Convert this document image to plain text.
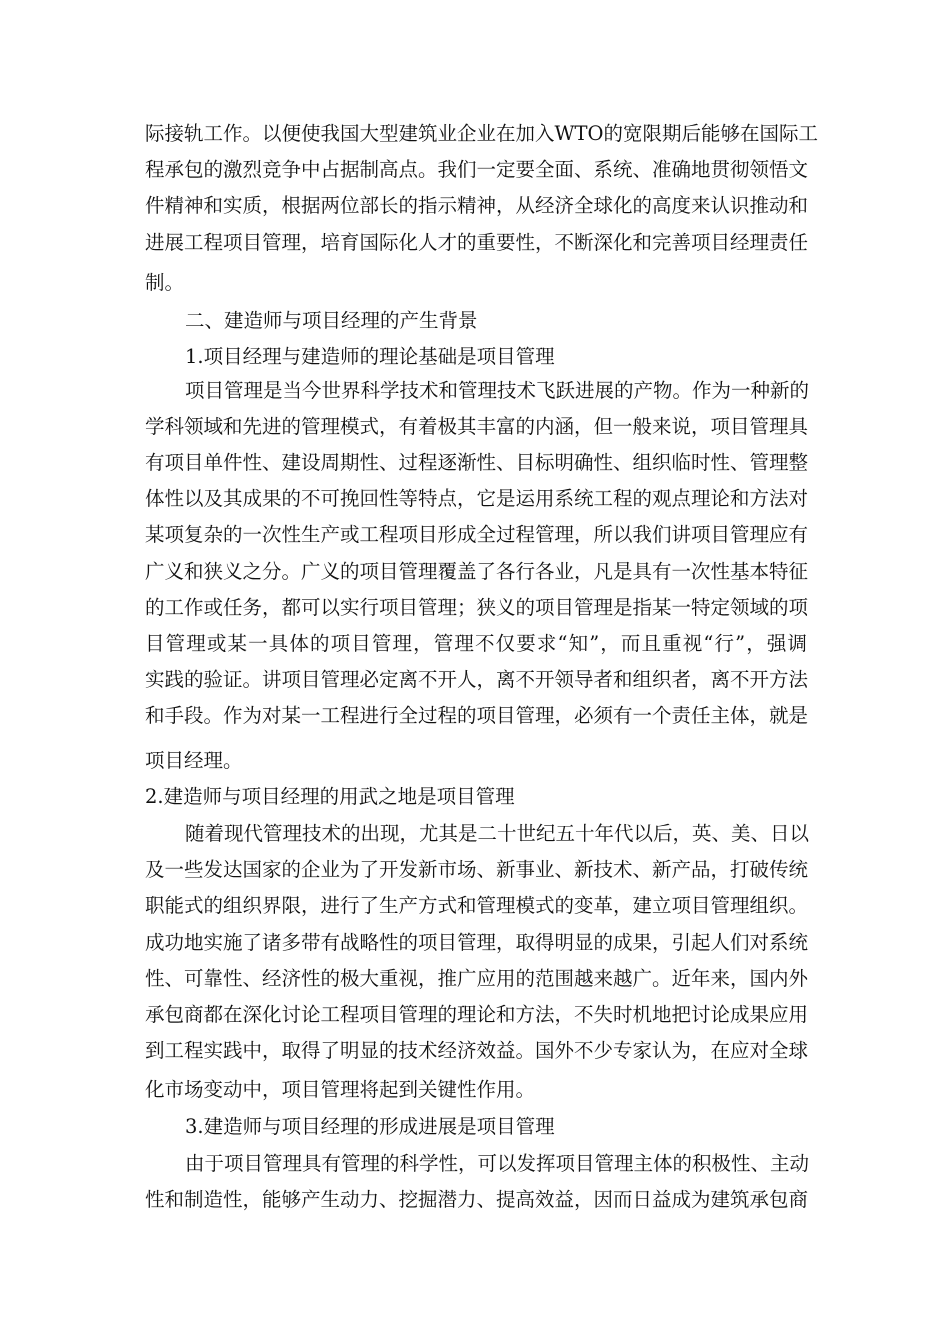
际接轨工作。以便使我国大型建筑业企业在加入WTO的宽限期后能够在国际工
程承包的激烈竞争中占据制高点。我们一定要全面、系统、准确地贯彻领悟文
件精神和实质，根据两位部长的指示精神，从经济全球化的高度来认识推动和
进展工程项目管理，培育国际化人才的重要性，不断深化和完善项目经理责任
制。
二、建造师与项目经理的产生背景
1.项目经理与建造师的理论基础是项目管理
项目管理是当今世界科学技术和管理技术飞跃进展的产物。作为一种新的
学科领域和先进的管理模式，有着极其丰富的内涵，但一般来说，项目管理具
有项目单件性、建设周期性、过程逐渐性、目标明确性、组织临时性、管理整
体性以及其成果的不可挽回性等特点，它是运用系统工程的观点理论和方法对
某项复杂的一次性生产或工程项目形成全过程管理，所以我们讲项目管理应有
广义和狭义之分。广义的项目管理覆盖了各行各业，凡是具有一次性基本特征
的工作或任务，都可以实行项目管理；狭义的项目管理是指某一特定领域的项
目管理或某一具体的项目管理，管理不仅要求“知”，而且重视“行”，强调
实践的验证。讲项目管理必定离不开人，离不开领导者和组织者，离不开方法
和手段。作为对某一工程进行全过程的项目管理，必须有一个责任主体，就是
项目经理。
2.建造师与项目经理的用武之地是项目管理
随着现代管理技术的出现，尤其是二十世纪五十年代以后，英、美、日以
及一些发达国家的企业为了开发新市场、新事业、新技术、新产品，打破传统
职能式的组织界限，进行了生产方式和管理模式的变革，建立项目管理组织。
成功地实施了诸多带有战略性的项目管理，取得明显的成果，引起人们对系统
性、可靠性、经济性的极大重视，推广应用的范围越来越广。近年来，国内外
承包商都在深化讨论工程项目管理的理论和方法，不失时机地把讨论成果应用
到工程实践中，取得了明显的技术经济效益。国外不少专家认为，在应对全球
化市场变动中，项目管理将起到关键性作用。
3.建造师与项目经理的形成进展是项目管理
由于项目管理具有管理的科学性，可以发挥项目管理主体的积极性、主动
性和制造性，能够产生动力、挖掘潜力、提高效益，因而日益成为建筑承包商
